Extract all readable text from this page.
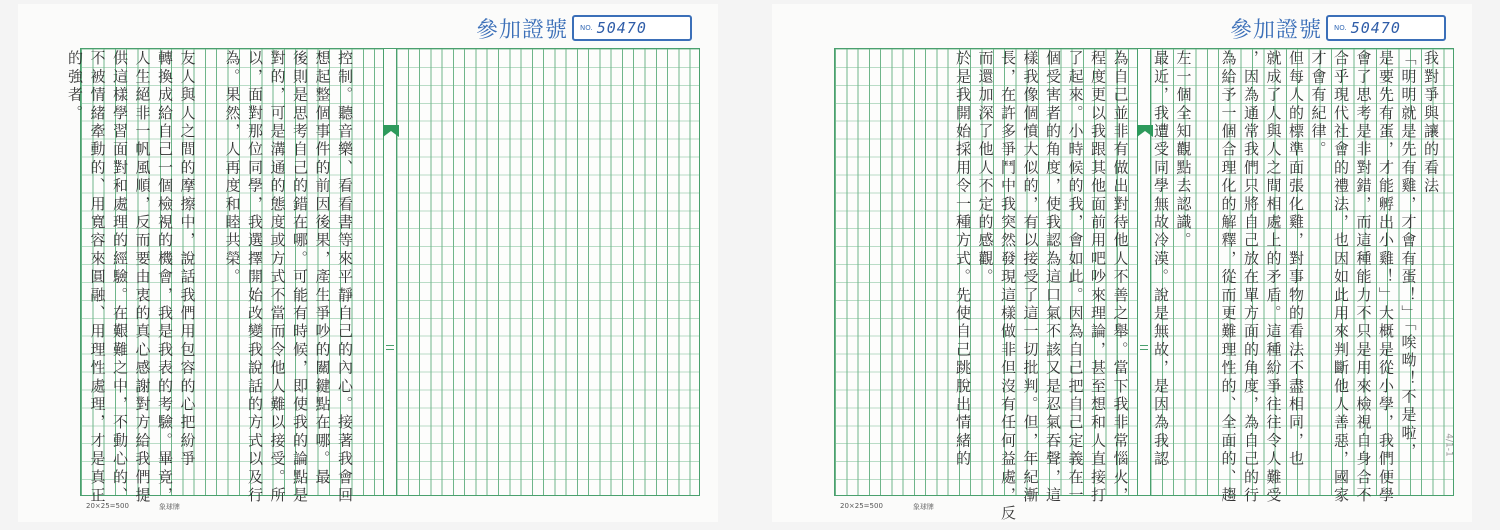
參加證號 NO. 50470
控制。聽音樂、看看書等來平靜自己的內心。接著我會回
想起整個事件的前因後果，產生爭吵的關鍵點在哪。最
後則是思考自己的錯在哪。可能有時候，即使我的論點是
對的，可是溝通的態度或方式不當而令他人難以接受。所
以，面對那位同學，我選擇開始改變我說話的方式以及行
為。果然，人再度和睦共榮。
友人與人之間的摩擦中，說話我們用包容的心把紛爭
轉換成給自己一個檢視的機會，我是我表的考驗。畢竟，
人生絕非一帆風順，反而要由衷的真心感謝對方給我們提
供這樣學習面對和處理的經驗。在艱難之中，不動心的、
不被情緒牽動的、用寬容來圓融、用理性處理，才是真正
的強者。
20×25=500	象球牌
參加證號 NO. 50470
我對爭與讓的看法
「明明就是先有雞，才會有蛋！」「唉呦！不是啦，
是要先有蛋，才能孵出小雞！」大概是從小學，我們便學
會了思考是非對錯，而這種能力不只是用來檢視自身合不
合乎現代社會的禮法，也因如此用來判斷他人善惡，國家
才會有紀律。
但每人的標準面張化雞，對事物的看法不盡相同，也
就成了人與人之間相處上的矛盾。這種紛爭往往令人難受
，因為通常我們只將自己放在單方面的角度，為自己的行
為給予一個合理化的解釋，從而更難理性的、全面的、趨
左一個全知觀點去認識。
最近，我遭受同學無故冷漠。說是無故，是因為我認
為自己並非有做出對待他人不善之舉。當下我非常惱火，
程度更以我跟其他面前用吧吵來理論，甚至想和人直接打
了起來。小時候的我，會如此。因為自己把自己定義在一
個受害者的角度，使我認為這口氣不該又是忍氣吞聲，這
樣我像個憤大似的，有以接受了這一切批判。但，年紀漸
長，在許多爭鬥中我突然發現這樣做非但沒有任何益處，反
而還加深了他人不定的感觀。
於是我開始採用令一種方式。先使自己跳脫出情緒的
20×25=500	象球牌
4/1-1
